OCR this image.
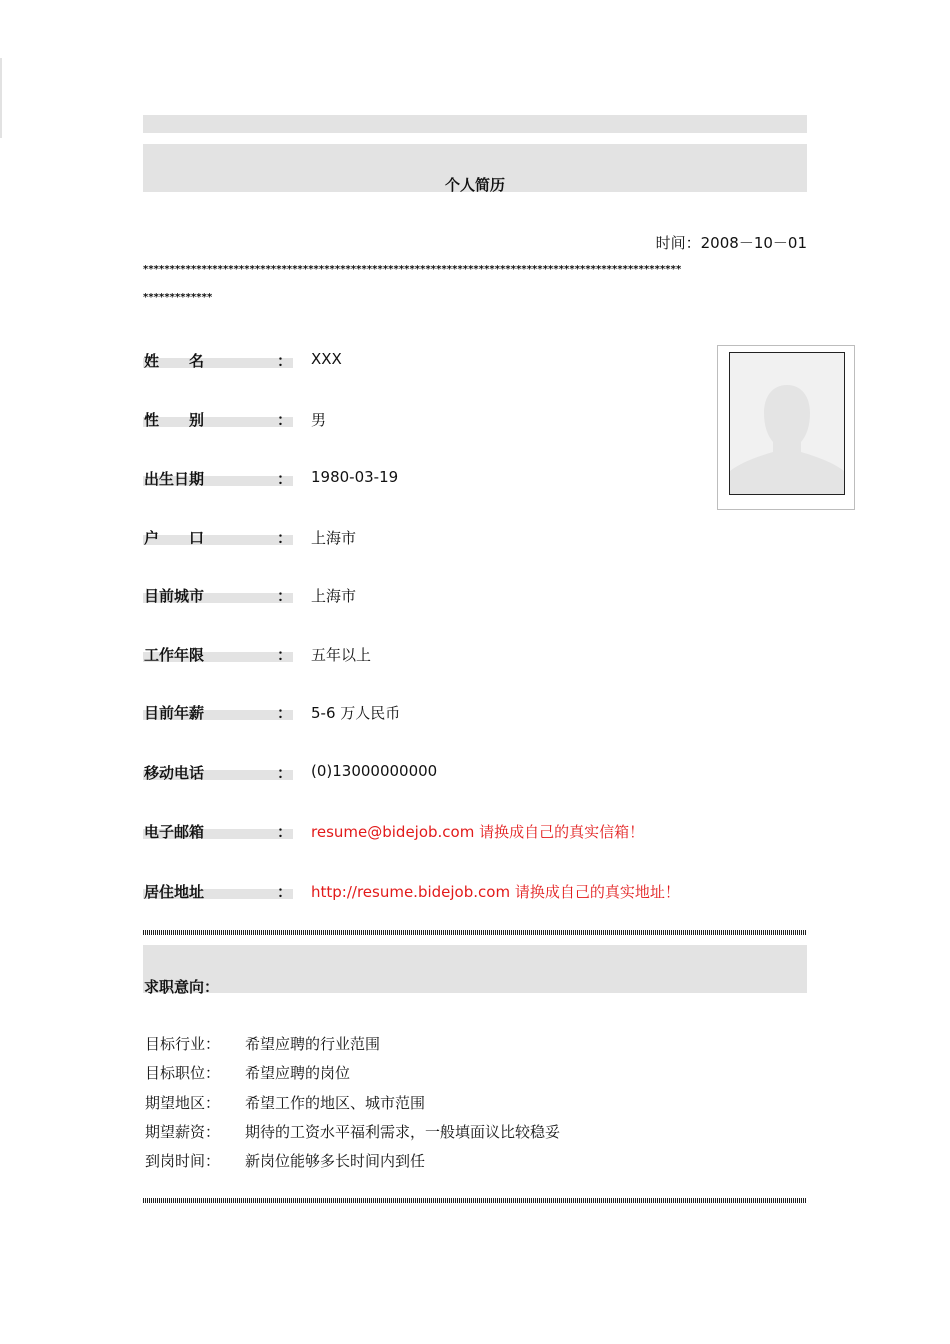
个人简历
时间：2008－10－01
*****************************************************************************************************
*************
姓　　名	： XXX
性　　别	： 男
出生日期	： 1980-03-19
户　　口	： 上海市
目前城市	： 上海市
工作年限	： 五年以上
目前年薪	： 5-6 万人民币
移动电话	： (0)13000000000
电子邮箱	： resume@bidejob.com 请换成自己的真实信箱！
居住地址	： http://resume.bidejob.com 请换成自己的真实地址！
求职意向：
目标行业： 希望应聘的行业范围
目标职位： 希望应聘的岗位
期望地区： 希望工作的地区、城市范围
期望薪资： 期待的工资水平福利需求，一般填面议比较稳妥
到岗时间： 新岗位能够多长时间内到任
